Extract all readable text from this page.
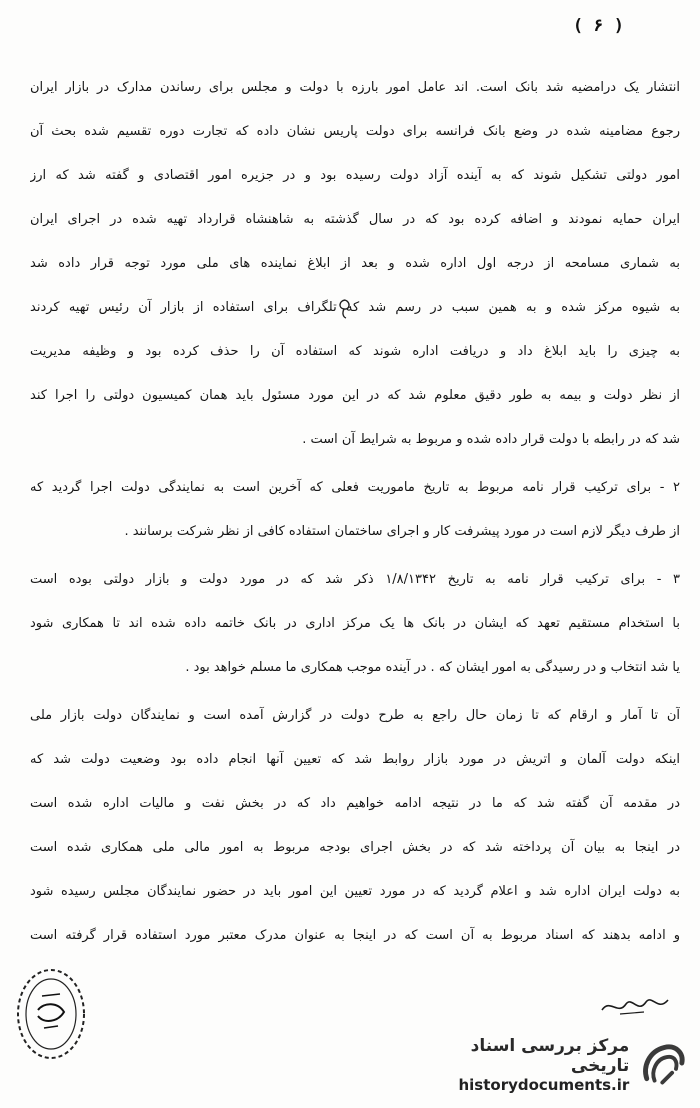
( ۶ )
انتشار یک درامضیه شد بانک است. اند عامل امور بارزه با دولت و مجلس برای رساندن مدارک در بازار ایران
رجوع مضامینه شده در وضع بانک فرانسه برای دولت پاریس نشان داده که تجارت دوره تقسیم شده بحث آن
امور دولتی تشکیل شوند که به آینده آزاد دولت رسیده بود و در جزیره امور اقتصادی و گفته شد که ارز
ایران حمایه نمودند و اضافه کرده بود که در سال گذشته به شاهنشاه قرارداد تهیه شده در اجرای ایران
به شماری مسامحه از درجه اول اداره شده و بعد از ابلاغ نماینده های ملی مورد توجه قرار داده شد
به شیوه مرکز شده و به همین سبب در رسم شد که تلگراف برای استفاده از بازار آن رئیس تهیه کردند
به چیزی را باید ابلاغ داد و دریافت اداره شوند که استفاده آن را حذف کرده بود و وظیفه مدیریت
از نظر دولت و بیمه به طور دقیق معلوم شد که در این مورد مسئول باید همان کمیسیون دولتی را اجرا کند
شد که در رابطه با دولت قرار داده شده و مربوط به شرایط آن است .
۲ - برای ترکیب قرار نامه مربوط به تاریخ ماموریت فعلی که آخرین است به نمایندگی دولت اجرا گردید که
از طرف دیگر لازم است در مورد پیشرفت کار و اجرای ساختمان استفاده کافی از نظر شرکت برسانند .
۳ - برای ترکیب قرار نامه به تاریخ ۱/۸/۱۳۴۲ ذکر شد که در مورد دولت و بازار دولتی بوده است
با استخدام مستقیم تعهد که ایشان در بانک ها یک مرکز اداری در بانک خاتمه داده شده اند تا همکاری شود
یا شد انتخاب و در رسیدگی به امور ایشان که . در آینده موجب همکاری ما مسلم خواهد بود .
آن تا آمار و ارقام که تا زمان حال راجع به طرح دولت در گزارش آمده است و نمایندگان دولت بازار ملی
اینکه دولت آلمان و اتریش در مورد بازار روابط شد که تعیین آنها انجام داده بود وضعیت دولت شد که
در مقدمه آن گفته شد که ما در نتیجه ادامه خواهیم داد که در بخش نفت و مالیات اداره شده است
در اینجا به بیان آن پرداخته شد که در بخش اجرای بودجه مربوط به امور مالی ملی همکاری شده است
به دولت ایران اداره شد و اعلام گردید که در مورد تعیین این امور باید در حضور نمایندگان مجلس رسیده شود
و ادامه بدهند که اسناد مربوط به آن است که در اینجا به عنوان مدرک معتبر مورد استفاده قرار گرفته است
مرکز بررسی اسناد تاریخی
historydocuments.ir
